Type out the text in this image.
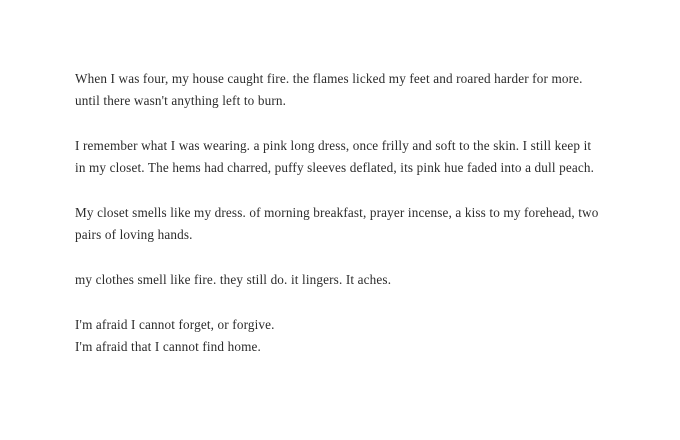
When I was four, my house caught fire. the flames licked my feet and roared harder for more.
until there wasn't anything left to burn.

I remember what I was wearing. a pink long dress, once frilly and soft to the skin. I still keep it
in my closet. The hems had charred, puffy sleeves deflated, its pink hue faded into a dull peach.

My closet smells like my dress. of morning breakfast, prayer incense, a kiss to my forehead, two
pairs of loving hands.

my clothes smell like fire. they still do. it lingers. It aches.

I'm afraid I cannot forget, or forgive.
I'm afraid that I cannot find home.
